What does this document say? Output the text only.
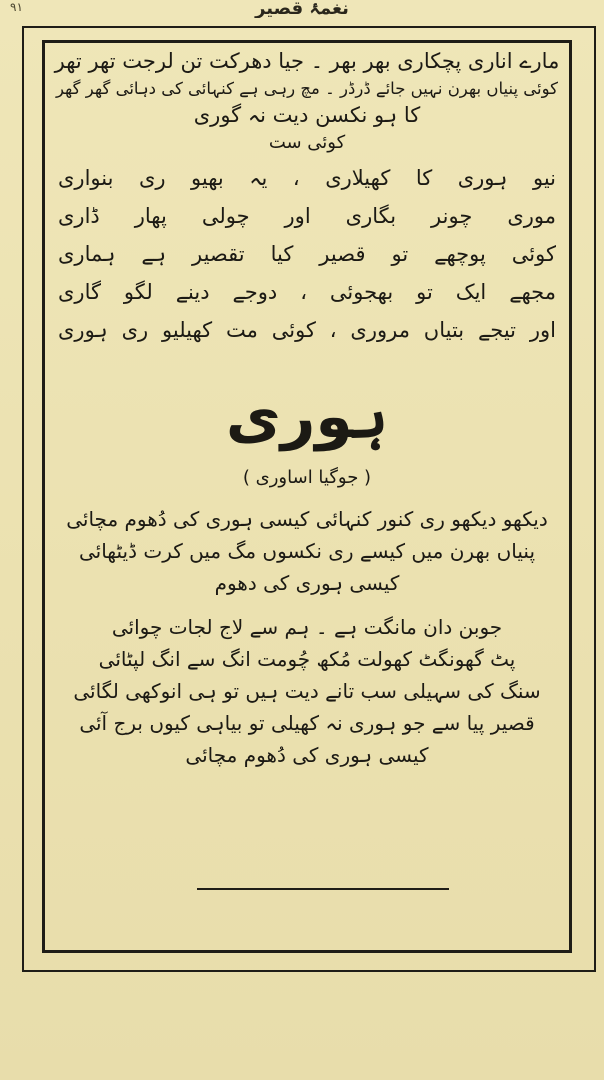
نغمۂ قصیر
۹۱
مارے اناری پچکاری بھر بھر ۔ جیا دھرکت تن لرجت تھر تھر
کوئی پنیاں بھرن نہیں جائے ڈرڈر ۔ مچ رہی ہے کنہائی کی دہائی گھر گھر
کا ہو نکسن دیت نہ گوری
کوئی ست
نیو ہوری کا کھیلاری ، یہ بھیو ری بنواری
موری چونر بگاری اور چولی پھار ڈاری
کوئی پوچھے تو قصیر کیا تقصیر ہے ہماری
مجھے ایک تو بھجوئی ، دوجے دینے لگو گاری
اور تیجے بتیاں مروری ، کوئی مت کھیلیو ری ہوری
ہوری
( جوگیا اساوری )
دیکھو دیکھو ری کنور کنہائی کیسی ہوری کی دُھوم مچائی
پنیاں بھرن میں کیسے ری نکسوں مگ میں کرت ڈیٹھائی
کیسی ہوری کی دھوم
جوبن دان مانگت ہے ۔ ہم سے لاج لجات چوائی
پٹ گھونگٹ کھولت مُکھ چُومت انگ سے انگ لپٹائی
سنگ کی سہیلی سب تانے دیت ہیں تو ہی انوکھی لگائی
قصیر پیا سے جو ہوری نہ کھیلی تو بیاہی کیوں برج آئی
کیسی ہوری کی دُھوم مچائی
